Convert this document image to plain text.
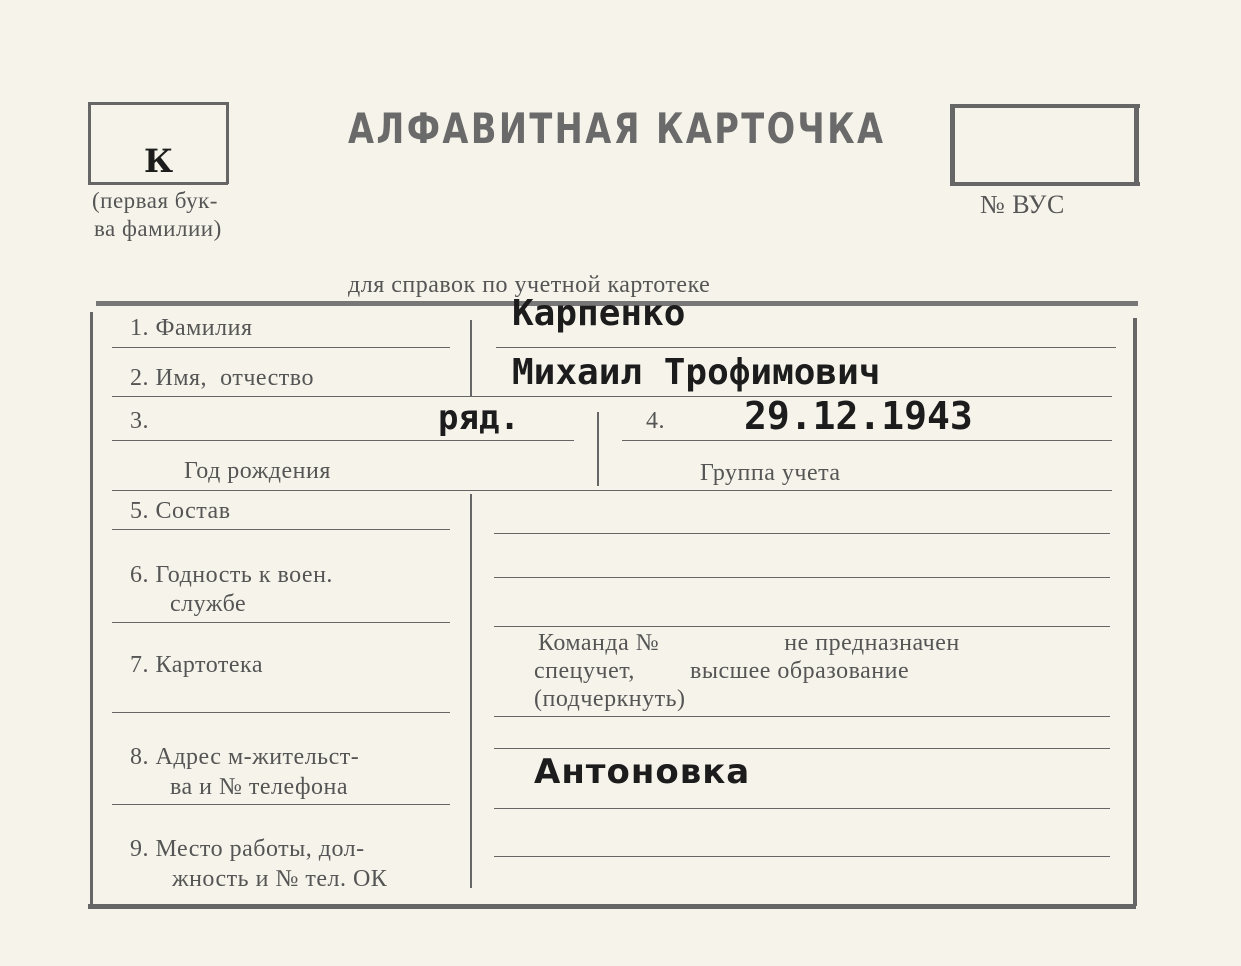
К
(первая бук-
ва фамилии)
АЛФАВИТНАЯ КАРТОЧКА
№ ВУС
для справок по учетной картотеке
1. Фамилия	Карпенко
2. Имя, отчество	Михаил Трофимович
3.	ряд.
Год рождения
4. 29.12.1943
Группа учета
5. Состав
6. Годность к воен.
службе
Команда №	не предназначен
спецучет, высшее образование
(подчеркнуть)
7. Картотека
8. Адрес м-жительст-
ва и № телефона	Антоновка
9. Место работы, дол-
жность и № тел. ОК
